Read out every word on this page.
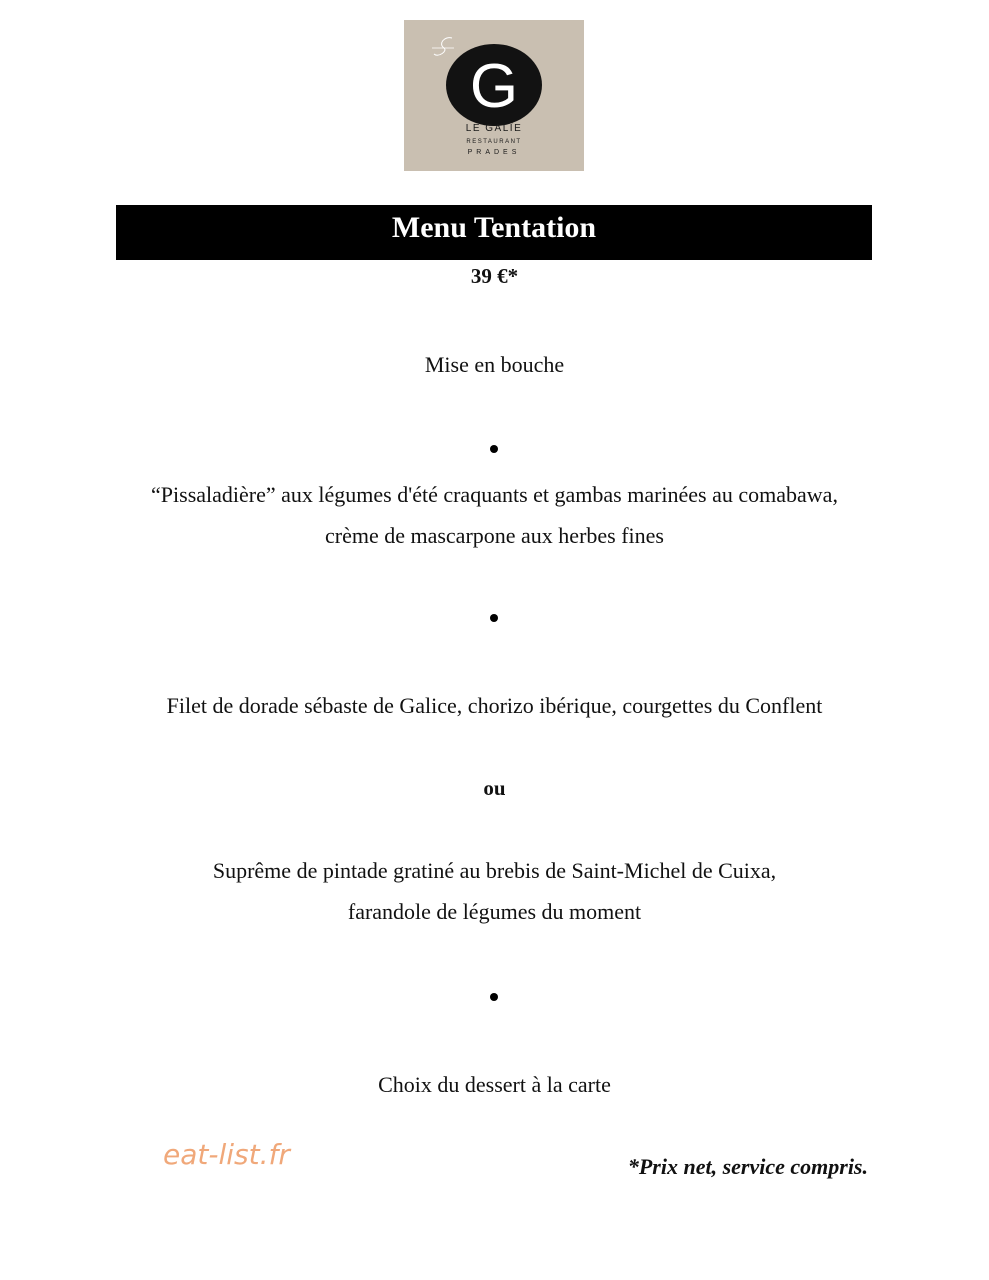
G
LE GALÏE
RESTAURANT
PRADES
Menu Tentation
39 €*
Mise en bouche
“Pissaladière” aux légumes d'été craquants et gambas marinées au comabawa,
crème de mascarpone aux herbes fines
Filet de dorade sébaste de Galice, chorizo ibérique, courgettes du Conflent
ou
Suprême de pintade gratiné au brebis de Saint-Michel de Cuixa,
farandole de légumes du moment
Choix du dessert à la carte
eat-list.fr	*Prix net, service compris.
